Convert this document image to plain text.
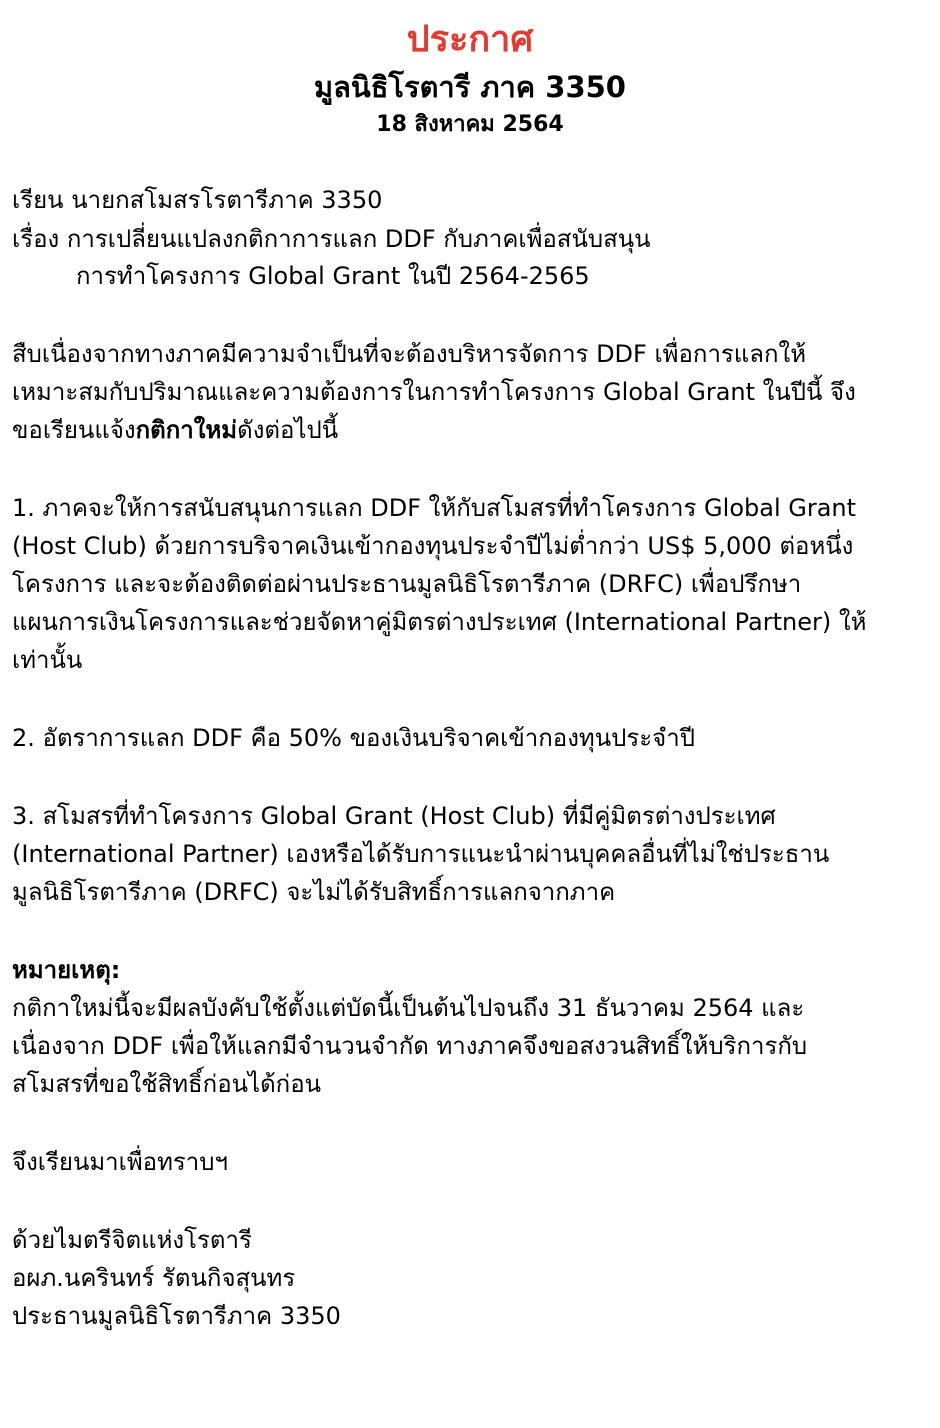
ประกาศ
มูลนิธิโรตารี ภาค 3350
18 สิงหาคม 2564
เรียน นายกสโมสรโรตารีภาค 3350
เรื่อง การเปลี่ยนแปลงกติกาการแลก DDF กับภาคเพื่อสนับสนุน
การทำโครงการ Global Grant ในปี 2564-2565
สืบเนื่องจากทางภาคมีความจำเป็นที่จะต้องบริหารจัดการ DDF เพื่อการแลกให้
เหมาะสมกับปริมาณและความต้องการในการทำโครงการ Global Grant ในปีนี้ จึง
ขอเรียนแจ้งกติกาใหม่ดังต่อไปนี้
1. ภาคจะให้การสนับสนุนการแลก DDF ให้กับสโมสรที่ทำโครงการ Global Grant
(Host Club) ด้วยการบริจาคเงินเข้ากองทุนประจำปีไม่ต่ำกว่า US$ 5,000 ต่อหนึ่ง
โครงการ และจะต้องติดต่อผ่านประธานมูลนิธิโรตารีภาค (DRFC) เพื่อปรึกษา
แผนการเงินโครงการและช่วยจัดหาคู่มิตรต่างประเทศ (International Partner) ให้
เท่านั้น
2. อัตราการแลก DDF คือ 50% ของเงินบริจาคเข้ากองทุนประจำปี
3. สโมสรที่ทำโครงการ Global Grant (Host Club) ที่มีคู่มิตรต่างประเทศ
(International Partner) เองหรือได้รับการแนะนำผ่านบุคคลอื่นที่ไม่ใช่ประธาน
มูลนิธิโรตารีภาค (DRFC) จะไม่ได้รับสิทธิ์การแลกจากภาค
หมายเหตุ:
กติกาใหม่นี้จะมีผลบังคับใช้ตั้งแต่บัดนี้เป็นต้นไปจนถึง 31 ธันวาคม 2564 และ
เนื่องจาก DDF เพื่อให้แลกมีจำนวนจำกัด ทางภาคจึงขอสงวนสิทธิ์ให้บริการกับ
สโมสรที่ขอใช้สิทธิ์ก่อนได้ก่อน
จึงเรียนมาเพื่อทราบฯ
ด้วยไมตรีจิตแห่งโรตารี
อผภ.นครินทร์ รัตนกิจสุนทร
ประธานมูลนิธิโรตารีภาค 3350
